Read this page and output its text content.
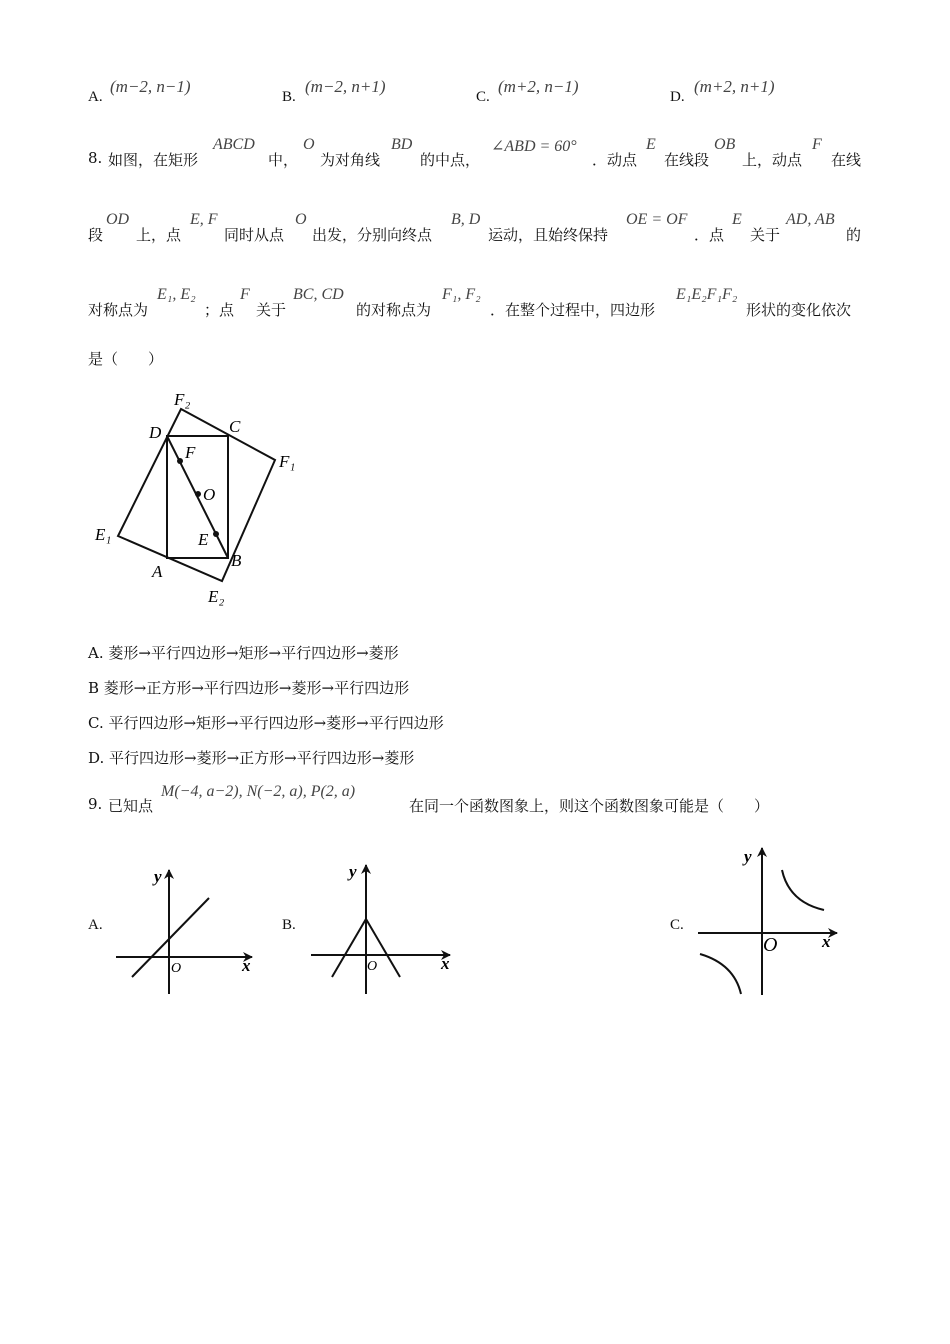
A.
(m−2, n−1)
B.
(m−2, n+1)
C.
(m+2, n−1)
D.
(m+2, n+1)
8. 如图，在矩形
ABCD
中，
O
为对角线
BD
的中点，
∠ABD = 60°
．动点
E
在线段
OB
上，动点
F
在线
段
OD
上，点
E, F
同时从点
O
出发，分别向终点
B, D
运动，且始终保持
OE = OF
．点
E
关于
AD, AB
的
对称点为
E₁, E₂
；点
F
关于
BC, CD
的对称点为
F₁, F₂
．在整个过程中，四边形
E₁E₂F₁F₂
形状的变化依次
是（　　）
F₂
D	C
F₁
F
O
E₁	E
B
A
E₂
A. 菱形→平行四边形→矩形→平行四边形→菱形
B 菱形→正方形→平行四边形→菱形→平行四边形
C. 平行四边形→矩形→平行四边形→菱形→平行四边形
D. 平行四边形→菱形→正方形→平行四边形→菱形
9. 已知点
M(−4, a−2), N(−2, a), P(2, a)
在同一个函数图象上，则这个函数图象可能是（　　）
A.
y
x
O
B.
y
x
O
C.
y
x
O
